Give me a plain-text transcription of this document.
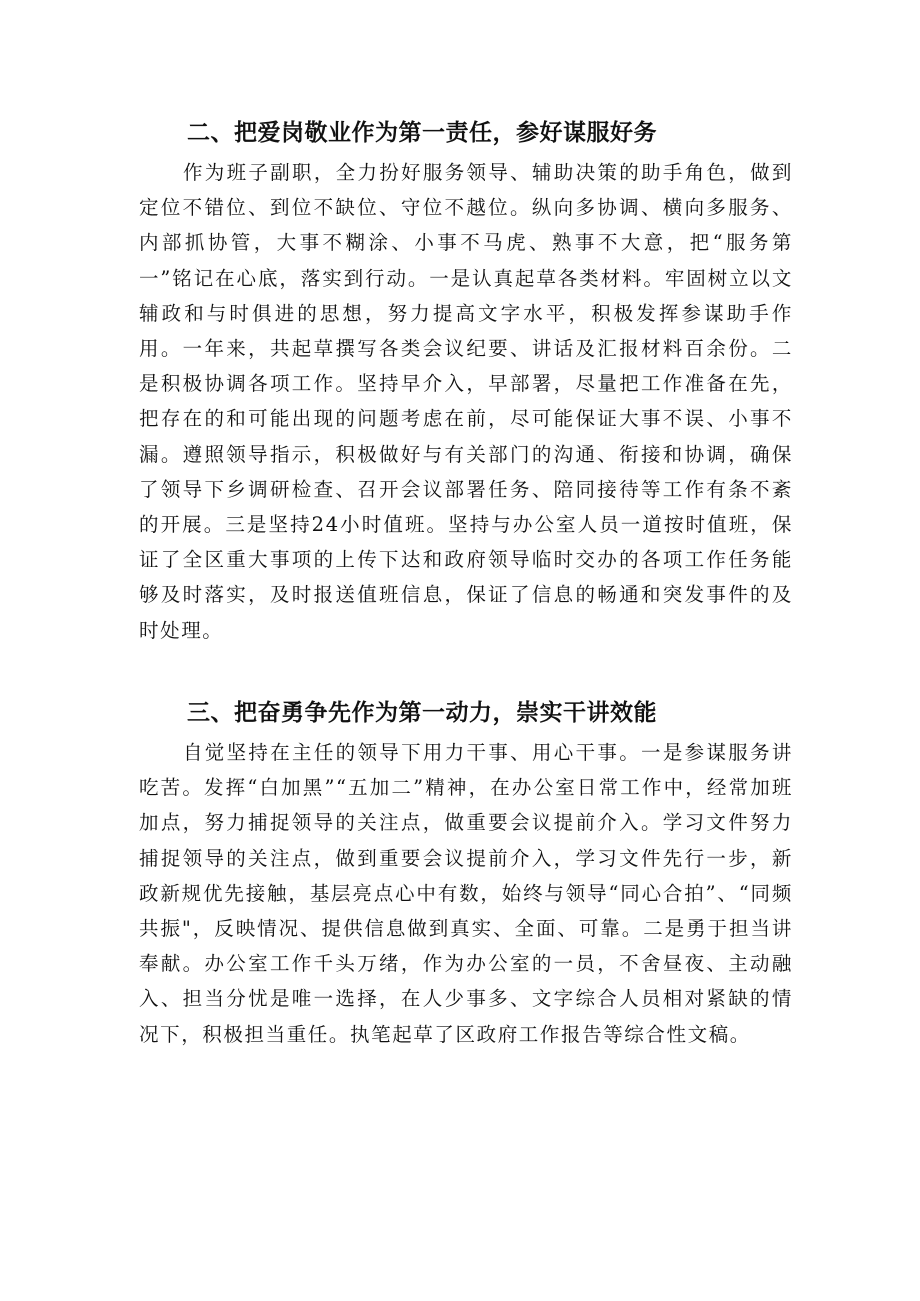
二、把爱岗敬业作为第一责任，参好谋服好务

作为班子副职，全力扮好服务领导、辅助决策的助手角色，做到定位不错位、到位不缺位、守位不越位。纵向多协调、横向多服务、内部抓协管，大事不糊涂、小事不马虎、熟事不大意，把“服务第一”铭记在心底，落实到行动。一是认真起草各类材料。牢固树立以文辅政和与时俱进的思想，努力提高文字水平，积极发挥参谋助手作用。一年来，共起草撰写各类会议纪要、讲话及汇报材料百余份。二是积极协调各项工作。坚持早介入，早部署，尽量把工作准备在先，把存在的和可能出现的问题考虑在前，尽可能保证大事不误、小事不漏。遵照领导指示，积极做好与有关部门的沟通、衔接和协调，确保了领导下乡调研检查、召开会议部署任务、陪同接待等工作有条不紊的开展。三是坚持24小时值班。坚持与办公室人员一道按时值班，保证了全区重大事项的上传下达和政府领导临时交办的各项工作任务能够及时落实，及时报送值班信息，保证了信息的畅通和突发事件的及时处理。

三、把奋勇争先作为第一动力，崇实干讲效能

自觉坚持在主任的领导下用力干事、用心干事。一是参谋服务讲吃苦。发挥“白加黑”“五加二”精神，在办公室日常工作中，经常加班加点，努力捕捉领导的关注点，做重要会议提前介入。学习文件努力捕捉领导的关注点，做到重要会议提前介入，学习文件先行一步，新政新规优先接触，基层亮点心中有数，始终与领导“同心合拍”、“同频共振"，反映情况、提供信息做到真实、全面、可靠。二是勇于担当讲奉献。办公室工作千头万绪，作为办公室的一员，不舍昼夜、主动融入、担当分忧是唯一选择，在人少事多、文字综合人员相对紧缺的情况下，积极担当重任。执笔起草了区政府工作报告等综合性文稿。
